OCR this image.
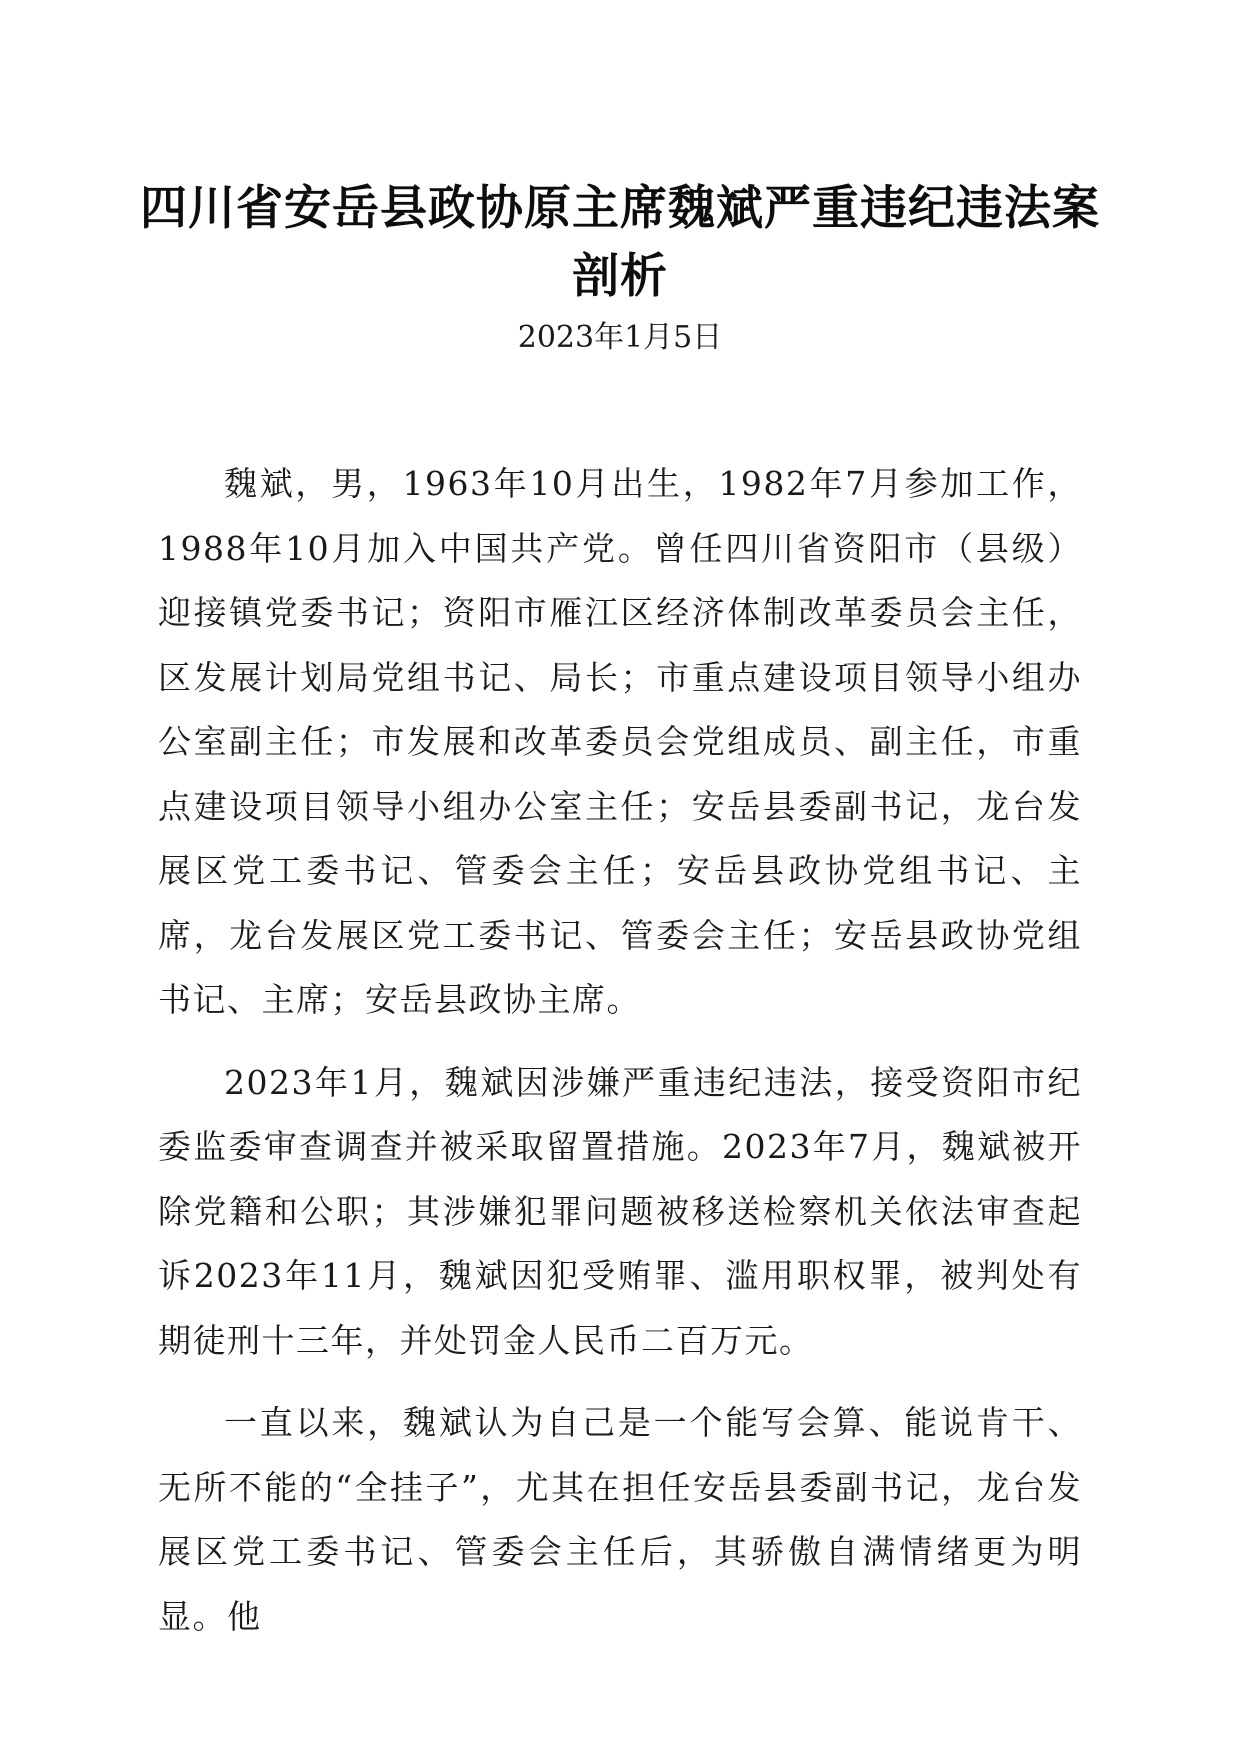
四川省安岳县政协原主席魏斌严重违纪违法案剖析
2023年1月5日

魏斌，男，1963年10月出生，1982年7月参加工作，1988年10月加入中国共产党。曾任四川省资阳市（县级）迎接镇党委书记；资阳市雁江区经济体制改革委员会主任，区发展计划局党组书记、局长；市重点建设项目领导小组办公室副主任；市发展和改革委员会党组成员、副主任，市重点建设项目领导小组办公室主任；安岳县委副书记，龙台发展区党工委书记、管委会主任；安岳县政协党组书记、主席，龙台发展区党工委书记、管委会主任；安岳县政协党组书记、主席；安岳县政协主席。

2023年1月，魏斌因涉嫌严重违纪违法，接受资阳市纪委监委审查调查并被采取留置措施。2023年7月，魏斌被开除党籍和公职；其涉嫌犯罪问题被移送检察机关依法审查起诉2023年11月，魏斌因犯受贿罪、滥用职权罪，被判处有期徒刑十三年，并处罚金人民币二百万元。

一直以来，魏斌认为自己是一个能写会算、能说肯干、无所不能的“全挂子”，尤其在担任安岳县委副书记，龙台发展区党工委书记、管委会主任后，其骄傲自满情绪更为明显。他
